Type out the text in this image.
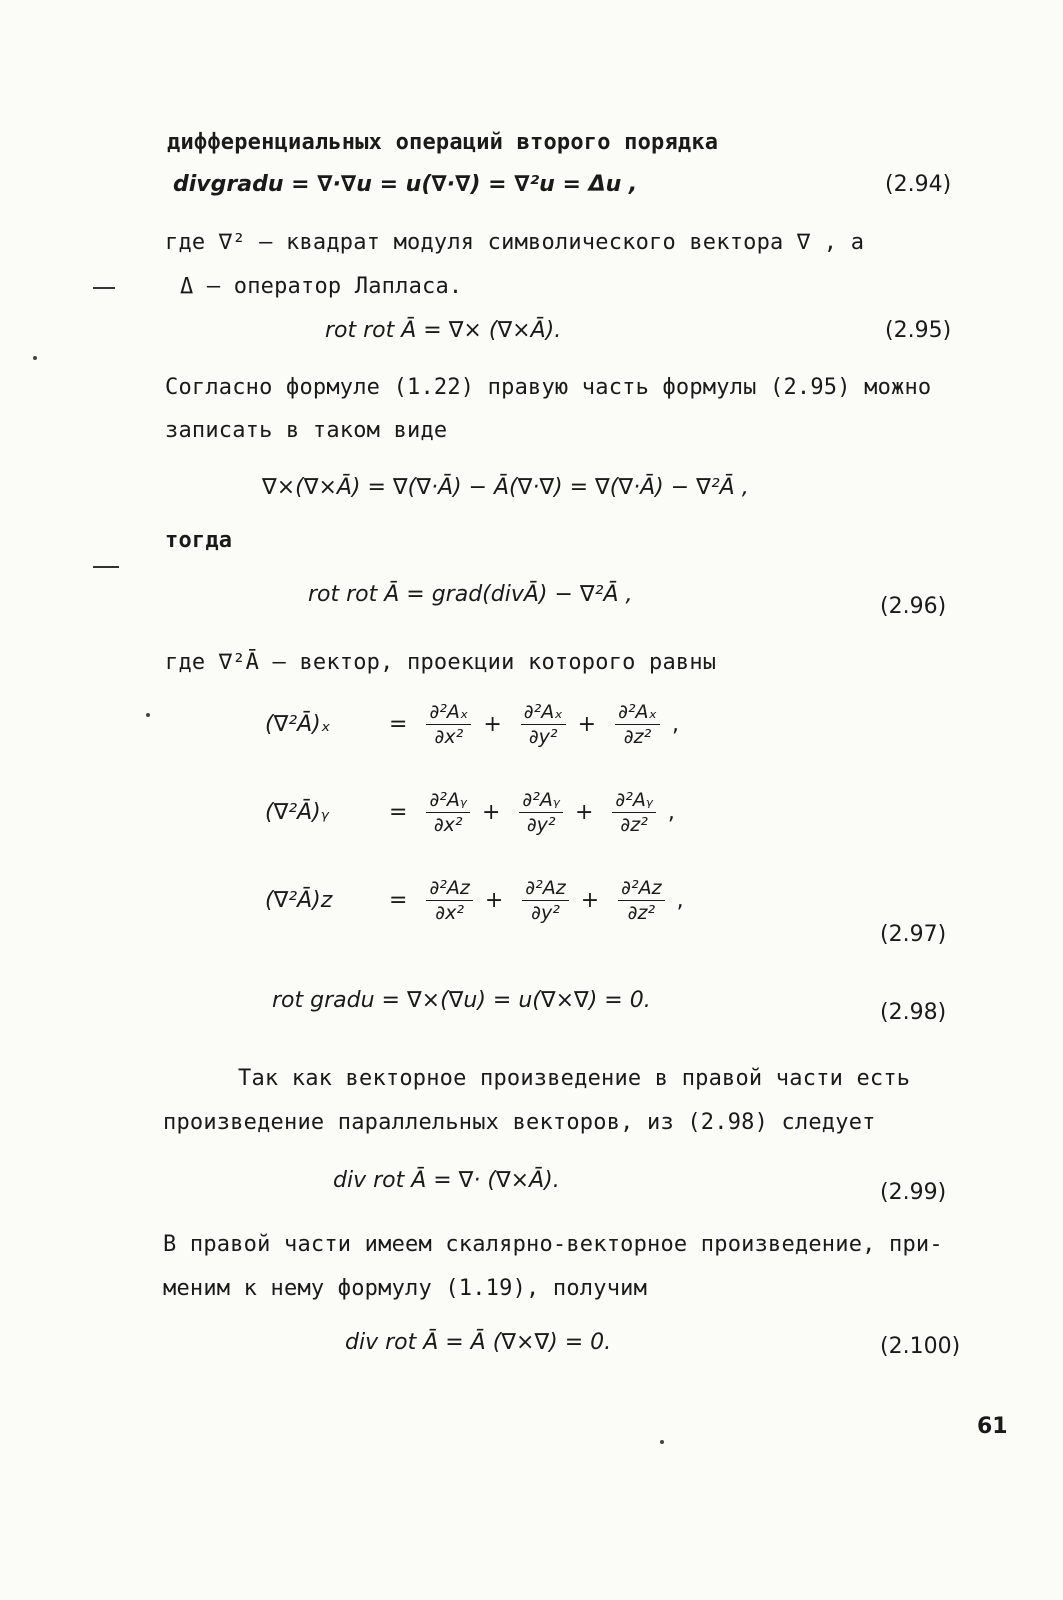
дифференциальных операций второго порядка
divgradu = ∇·∇u = u(∇·∇) = ∇²u = Δu ,	(2.94)
где ∇² – квадрат модуля символического вектора ∇ , а
Δ – оператор Лапласа.
rot rot Ā = ∇× (∇×Ā).	(2.95)
Согласно формуле (1.22) правую часть формулы (2.95) можно
записать в таком виде
∇×(∇×Ā) = ∇(∇·Ā) − Ā(∇·∇) = ∇(∇·Ā) − ∇²Ā ,
тогда
rot rot Ā = grad(divĀ) − ∇²Ā ,	(2.96)
где ∇²Ā – вектор, проекции которого равны
(∇²Ā)ₓ	= $\frac{\text{∂²Aₓ}}{\text{∂x²}} + \frac{\text{∂²Aₓ}}{\text{∂y²}} + \frac{\text{∂²Aₓ}}{\text{∂z²}}$ ,
(∇²Ā)ᵧ	= $\frac{\text{∂²Aᵧ}}{\text{∂x²}} + \frac{\text{∂²Aᵧ}}{\text{∂y²}} + \frac{\text{∂²Aᵧ}}{\text{∂z²}}$ ,
(∇²Ā)z	= $\frac{\text{∂²Az}}{\text{∂x²}} + \frac{\text{∂²Az}}{\text{∂y²}} + \frac{\text{∂²Az}}{\text{∂z²}}$ ,
(2.97)
rot gradu = ∇×(∇u) = u(∇×∇) = 0.	(2.98)
Так как векторное произведение в правой части есть
произведение параллельных векторов, из (2.98) следует
div rot Ā = ∇· (∇×Ā).	(2.99)
В правой части имеем скалярно-векторное произведение, при-
меним к нему формулу (1.19), получим
div rot Ā = Ā (∇×∇) = 0.	(2.100)
61
